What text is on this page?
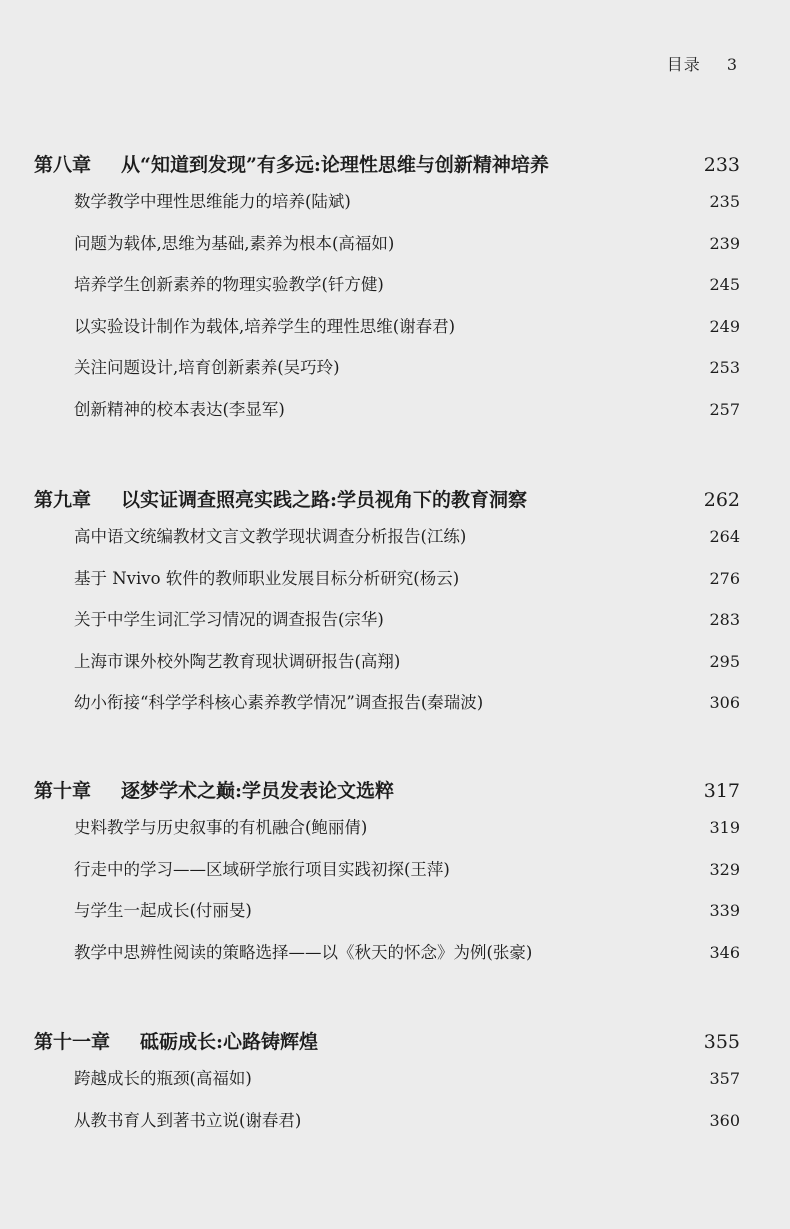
目录 3
第八章 从“知道到发现”有多远:论理性思维与创新精神培养	233
数学教学中理性思维能力的培养(陆斌)	235
问题为载体,思维为基础,素养为根本(高福如)	239
培养学生创新素养的物理实验教学(钎方健)	245
以实验设计制作为载体,培养学生的理性思维(谢春君)	249
关注问题设计,培育创新素养(吴巧玲)	253
创新精神的校本表达(李显军)	257
第九章 以实证调查照亮实践之路:学员视角下的教育洞察	262
高中语文统编教材文言文教学现状调查分析报告(江练)	264
基于 Nvivo 软件的教师职业发展目标分析研究(杨云)	276
关于中学生词汇学习情况的调查报告(宗华)	283
上海市课外校外陶艺教育现状调研报告(高翔)	295
幼小衔接“科学学科核心素养教学情况”调查报告(秦瑞波)	306
第十章 逐梦学术之巅:学员发表论文选粹	317
史料教学与历史叙事的有机融合(鲍丽倩)	319
行走中的学习——区域研学旅行项目实践初探(王萍)	329
与学生一起成长(付丽旻)	339
教学中思辨性阅读的策略选择——以《秋天的怀念》为例(张豪)	346
第十一章 砥砺成长:心路铸辉煌	355
跨越成长的瓶颈(高福如)	357
从教书育人到著书立说(谢春君)	360
